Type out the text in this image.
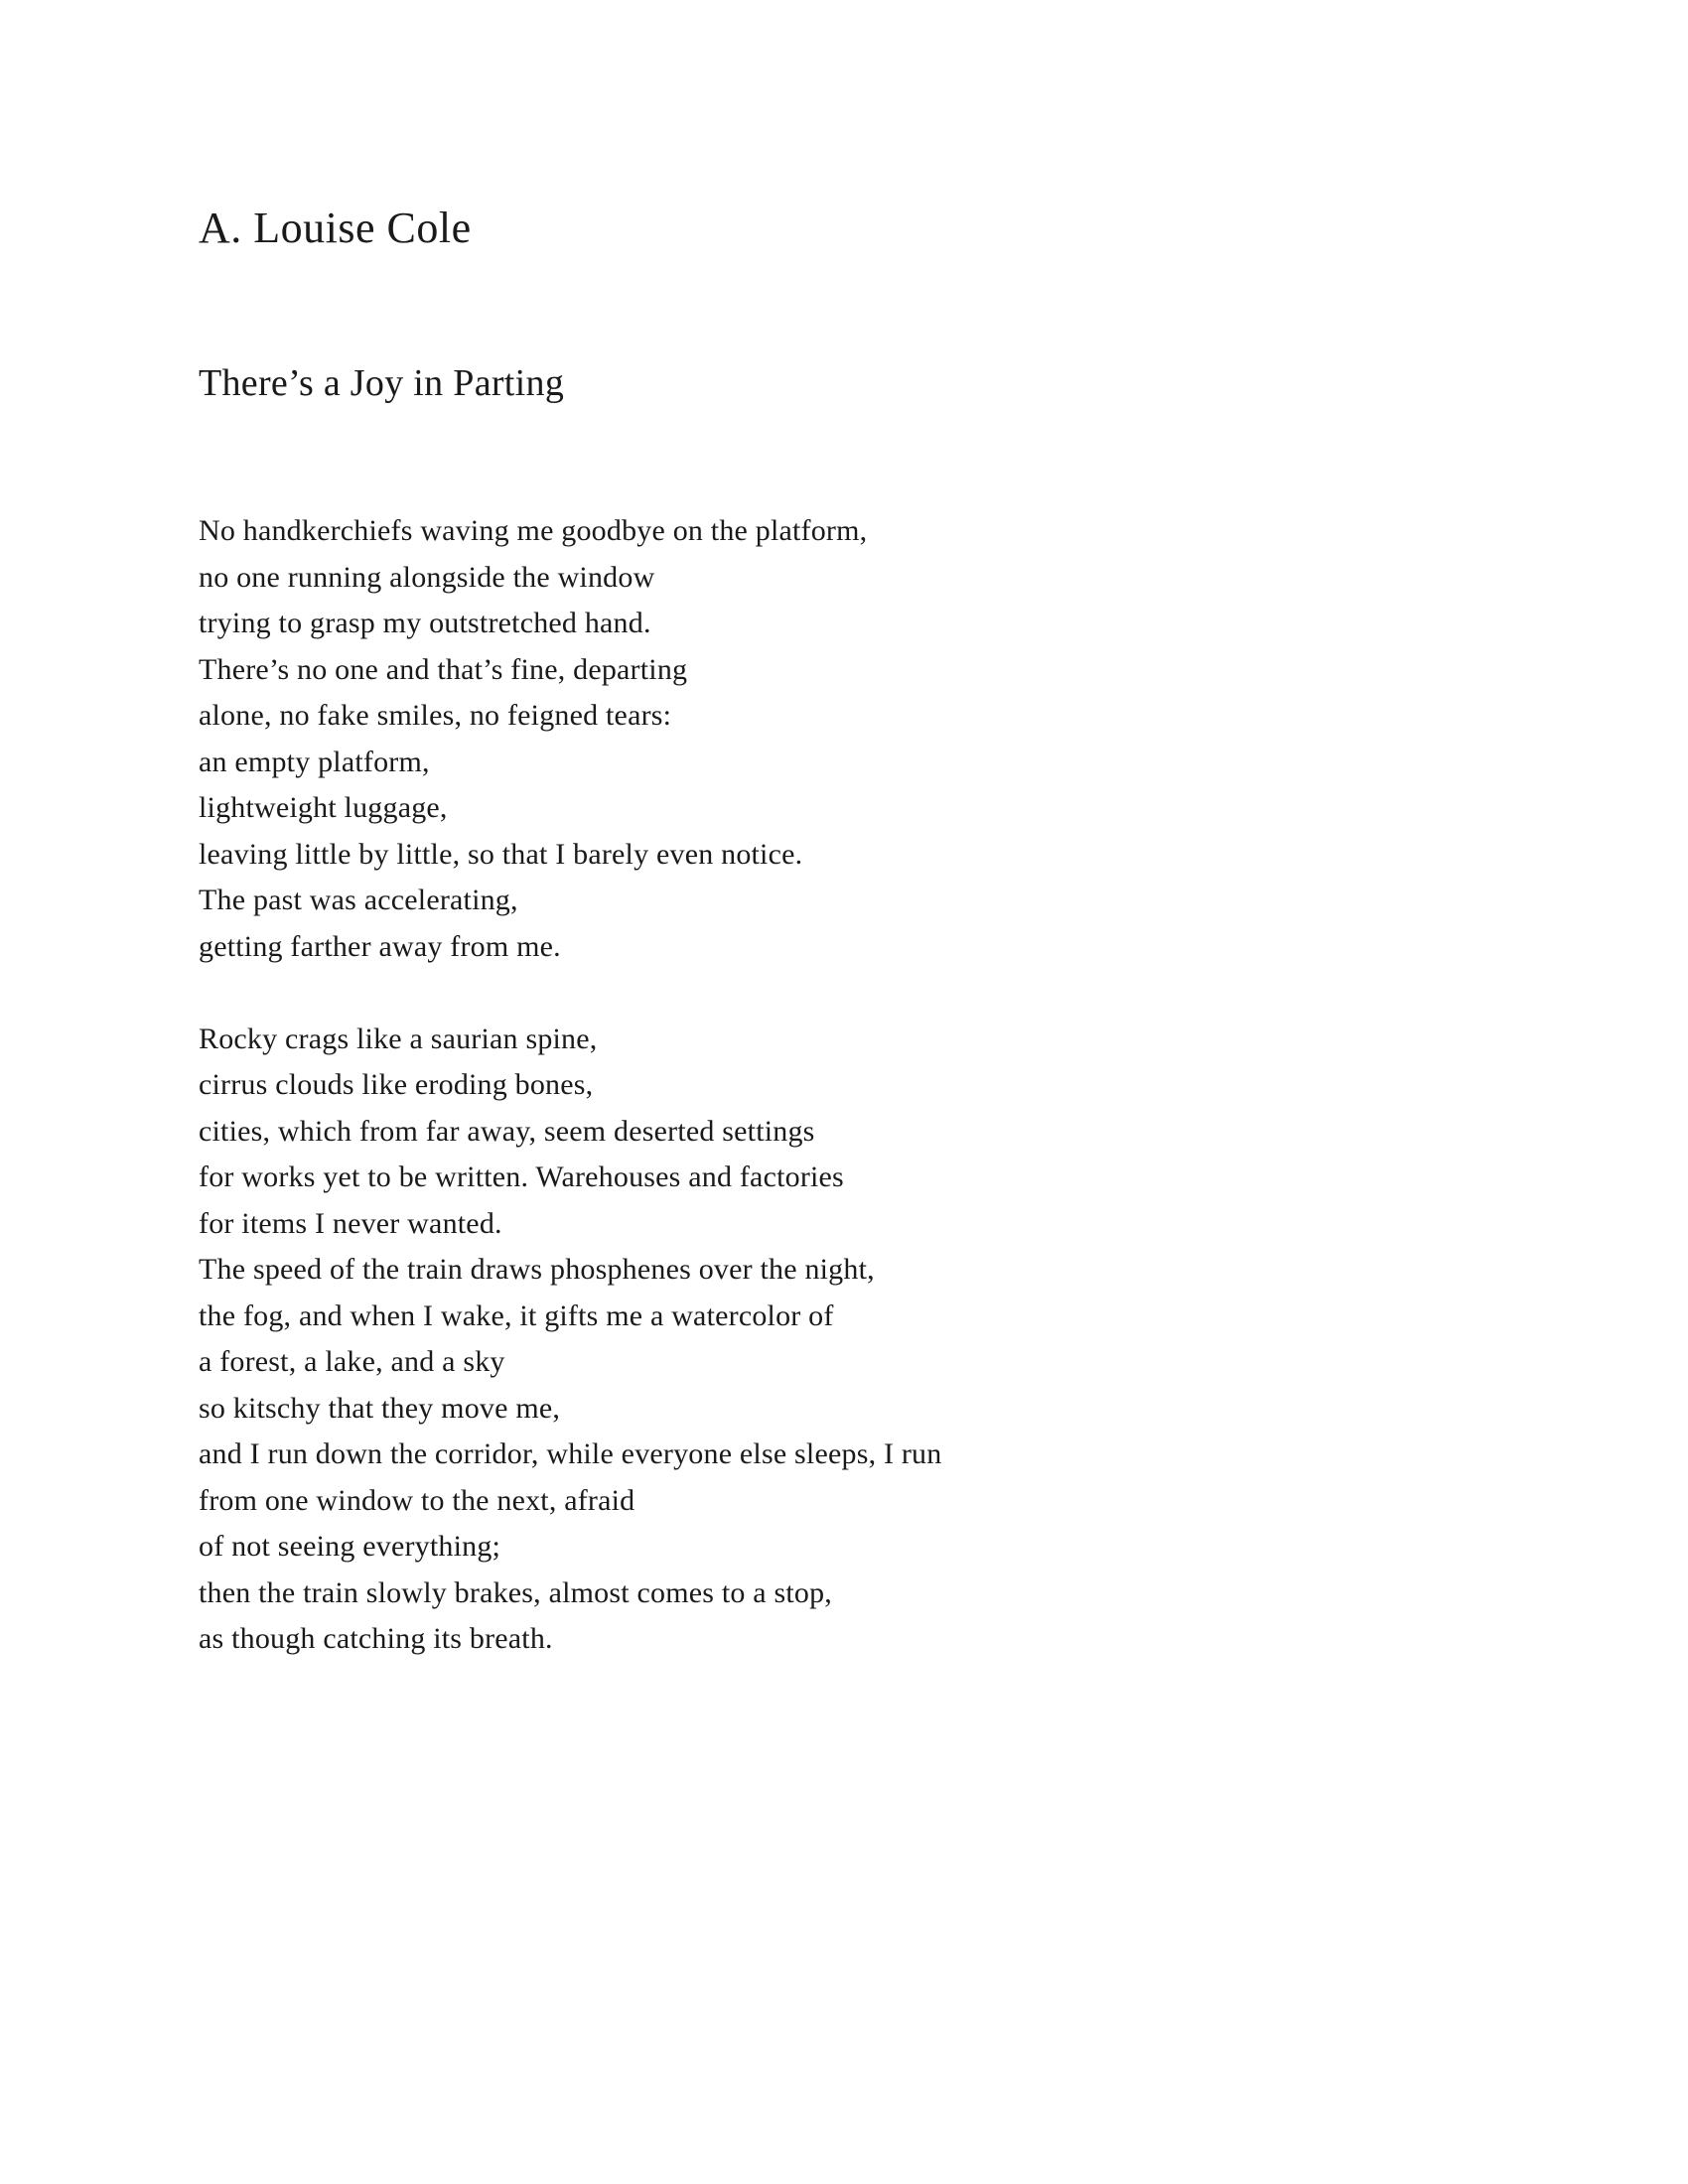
A. Louise Cole
There’s a Joy in Parting
No handkerchiefs waving me goodbye on the platform,
no one running alongside the window
trying to grasp my outstretched hand.
There’s no one and that’s fine, departing
alone, no fake smiles, no feigned tears:
an empty platform,
lightweight luggage,
leaving little by little, so that I barely even notice.
The past was accelerating,
getting farther away from me.
Rocky crags like a saurian spine,
cirrus clouds like eroding bones,
cities, which from far away, seem deserted settings
for works yet to be written. Warehouses and factories
for items I never wanted.
The speed of the train draws phosphenes over the night,
the fog, and when I wake, it gifts me a watercolor of
a forest, a lake, and a sky
so kitschy that they move me,
and I run down the corridor, while everyone else sleeps, I run
from one window to the next, afraid
of not seeing everything;
then the train slowly brakes, almost comes to a stop,
as though catching its breath.
